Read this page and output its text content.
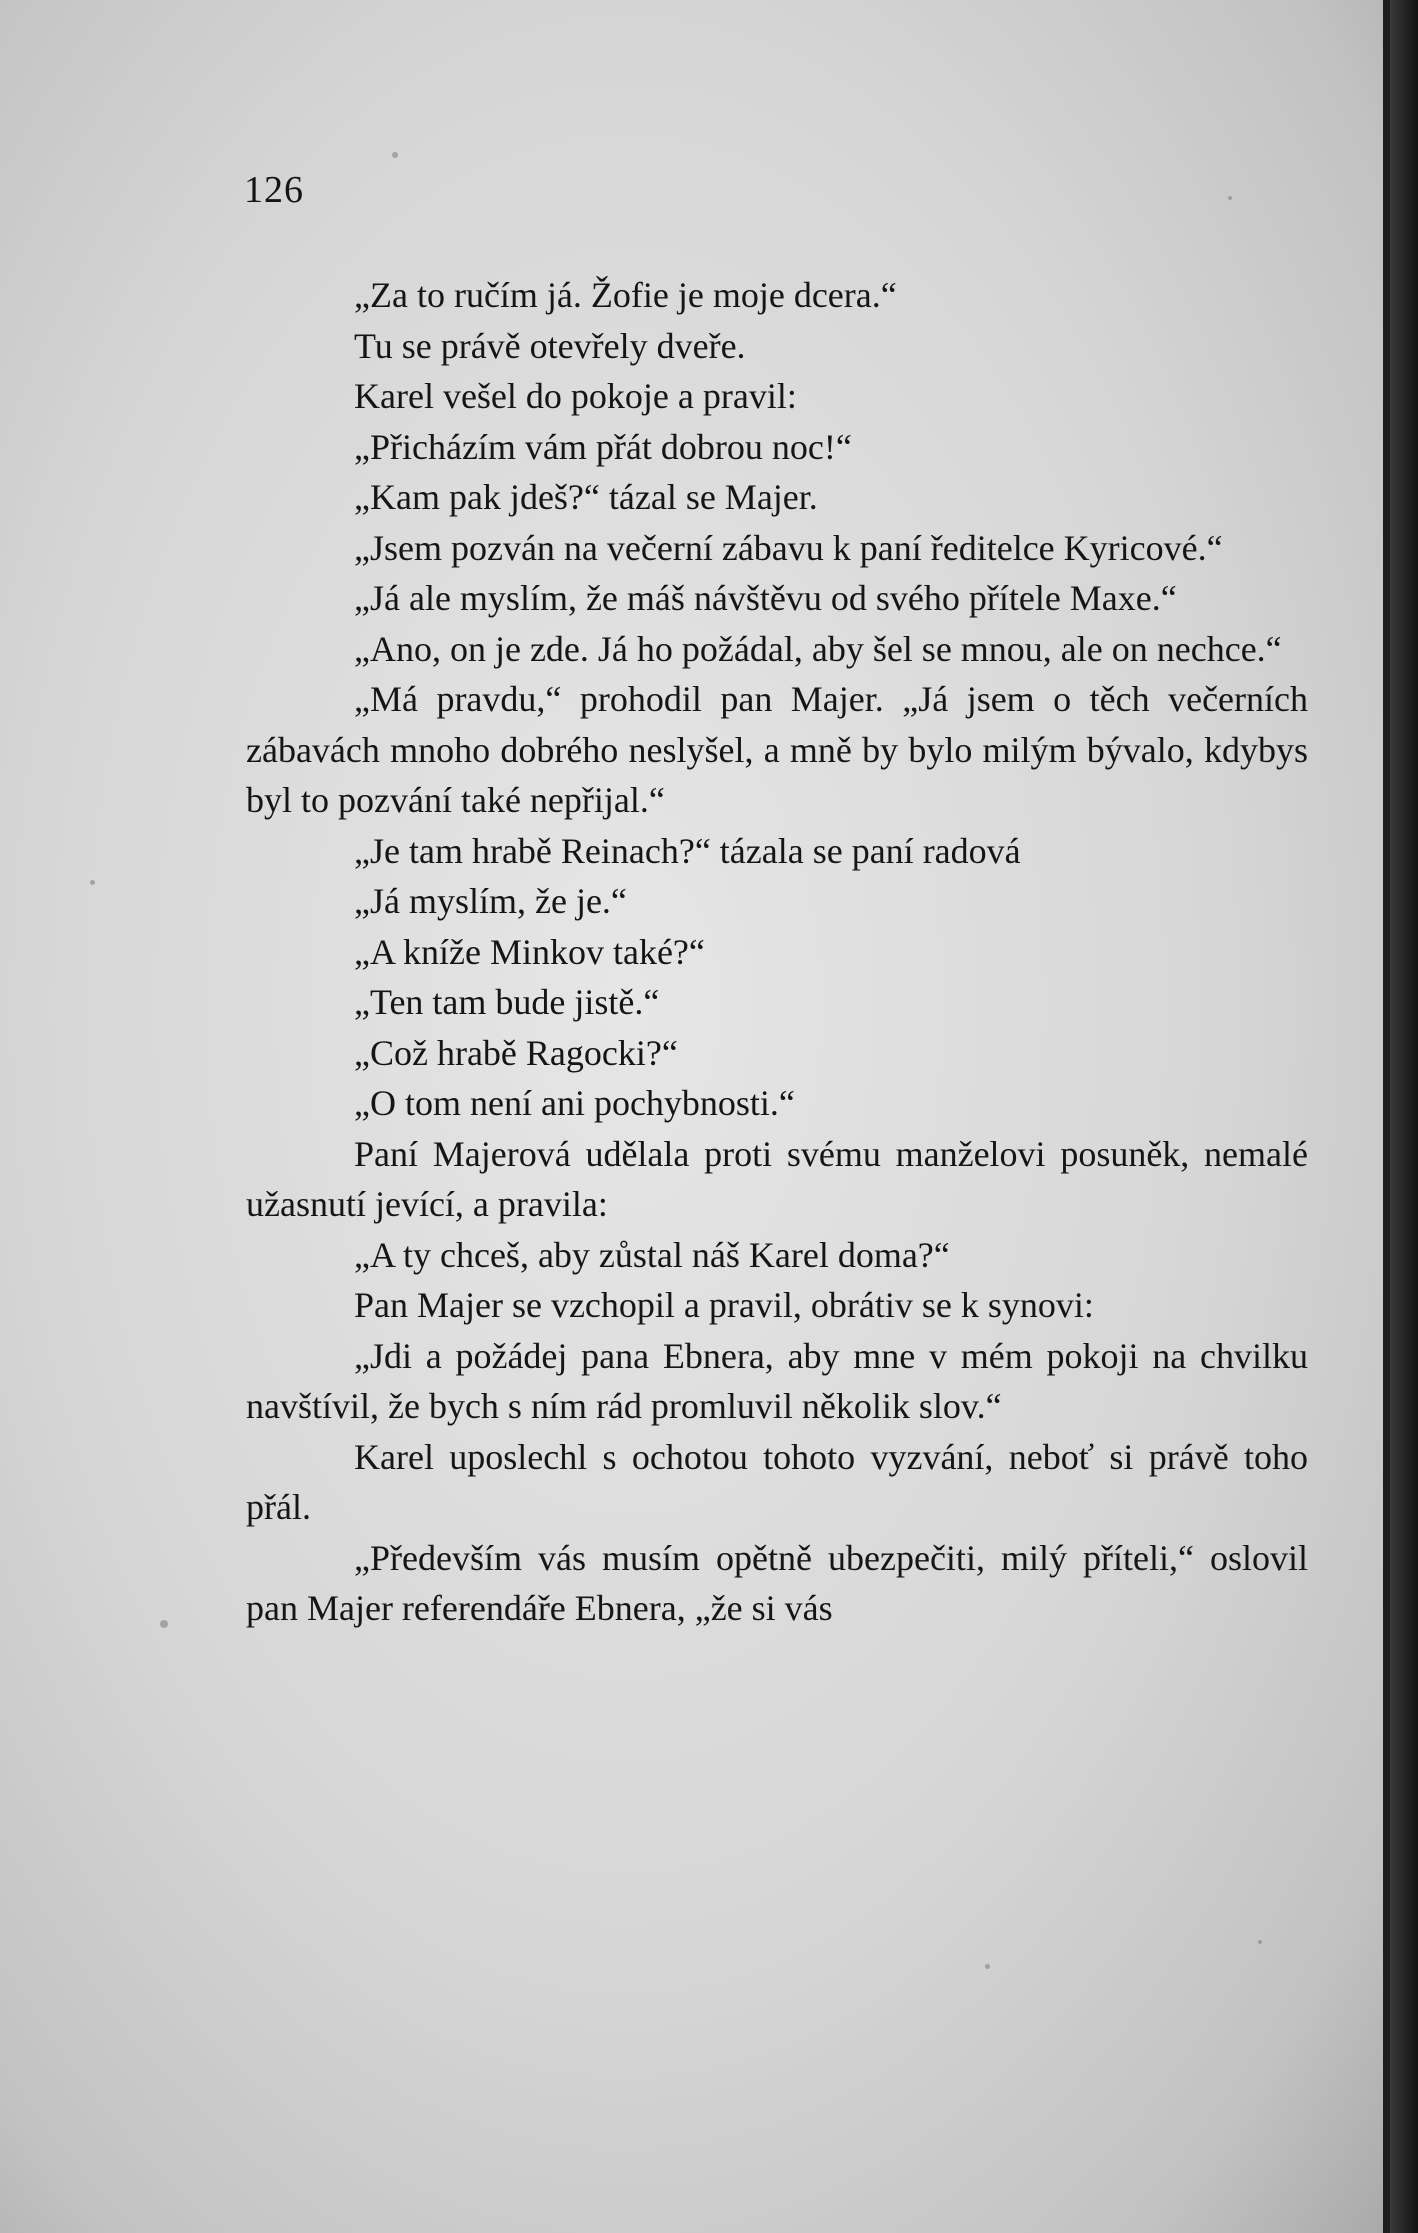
126

„Za to ručím já. Žofie je moje dcera.“

Tu se právě otevřely dveře.

Karel vešel do pokoje a pravil:

„Přicházím vám přát dobrou noc!“

„Kam pak jdeš?“ tázal se Majer.

„Jsem pozván na večerní zábavu k paní ředitelce Kyricové.“

„Já ale myslím, že máš návštěvu od svého přítele Maxe.“

„Ano, on je zde. Já ho požádal, aby šel se mnou, ale on nechce.“

„Má pravdu,“ prohodil pan Majer. „Já jsem o těch večerních zábavách mnoho dobrého neslyšel, a mně by bylo milým bývalo, kdybys byl to pozvání také nepřijal.“

„Je tam hrabě Reinach?“ tázala se paní radová

„Já myslím, že je.“

„A kníže Minkov také?“

„Ten tam bude jistě.“

„Což hrabě Ragocki?“

„O tom není ani pochybnosti.“

Paní Majerová udělala proti svému manželovi posuněk, nemalé užasnutí jevící, a pravila:

„A ty chceš, aby zůstal náš Karel doma?“

Pan Majer se vzchopil a pravil, obrátiv se k synovi:

„Jdi a požádej pana Ebnera, aby mne v mém pokoji na chvilku navštívil, že bych s ním rád promluvil několik slov.“

Karel uposlechl s ochotou tohoto vyzvání, neboť si právě toho přál.

„Především vás musím opětně ubezpečiti, milý příteli,“ oslovil pan Majer referendáře Ebnera, „že si vás
